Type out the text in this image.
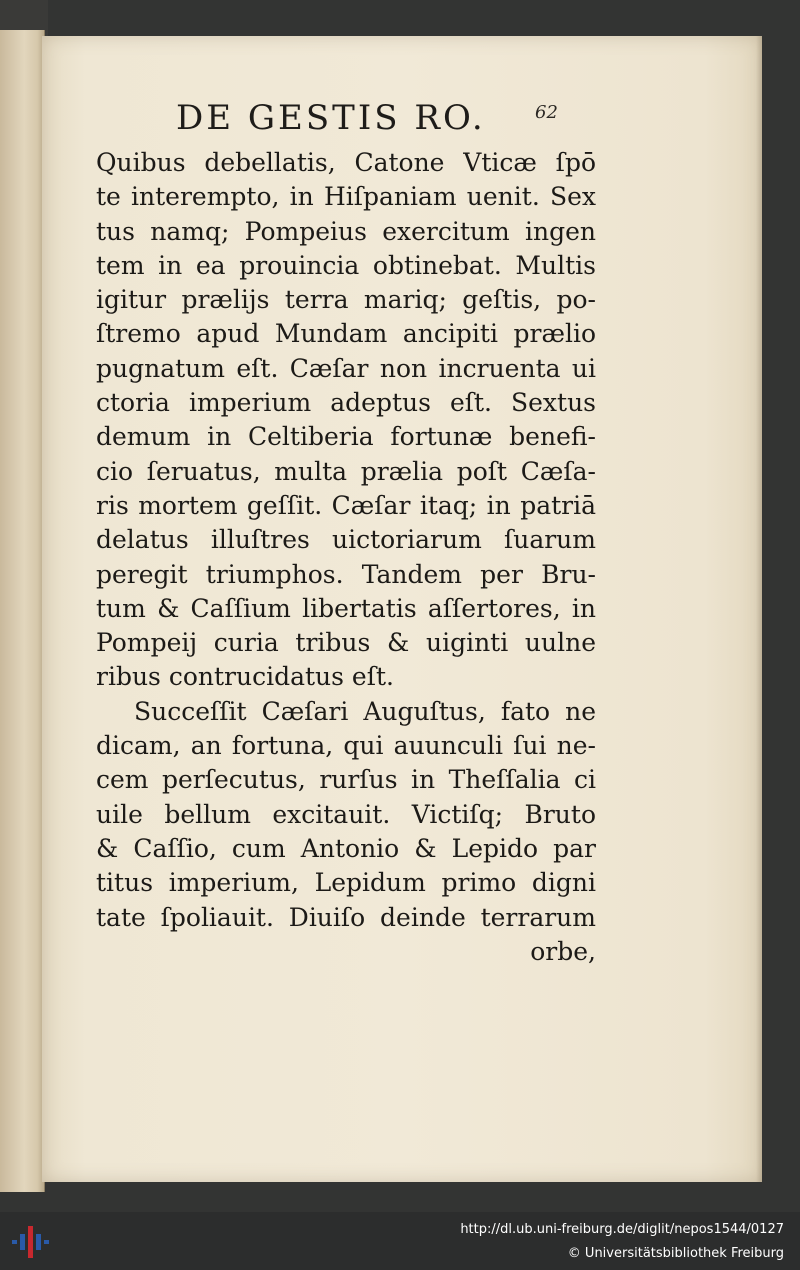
DE GESTIS RO.	62
Quibus debellatis, Catone Vticæ ſpō
te interempto, in Hiſpaniam uenit. Sex
tus namq; Pompeius exercitum ingen
tem in ea prouincia obtinebat. Multis
igitur prælijs terra mariq; geſtis, po-
ſtremo apud Mundam ancipiti prælio
pugnatum eſt. Cæſar non incruenta ui
ctoria imperium adeptus eſt. Sextus
demum in Celtiberia fortunæ benefi-
cio ſeruatus, multa prælia poſt Cæſa-
ris mortem geſſit. Cæſar itaq; in patriā
delatus illuſtres uictoriarum ſuarum
peregit triumphos. Tandem per Bru-
tum & Caſſium libertatis aſſertores, in
Pompeij curia tribus & uiginti uulne
ribus contrucidatus eſt.
Succeſſit Cæſari Auguſtus, fato ne
dicam, an fortuna, qui auunculi ſui ne-
cem perſecutus, rurſus in Theſſalia ci
uile bellum excitauit. Victiſq; Bruto
& Caſſio, cum Antonio & Lepido par
titus imperium, Lepidum primo digni
tate ſpoliauit. Diuiſo deinde terrarum
orbe,
http://dl.ub.uni-freiburg.de/diglit/nepos1544/0127
© Universitätsbibliothek Freiburg
